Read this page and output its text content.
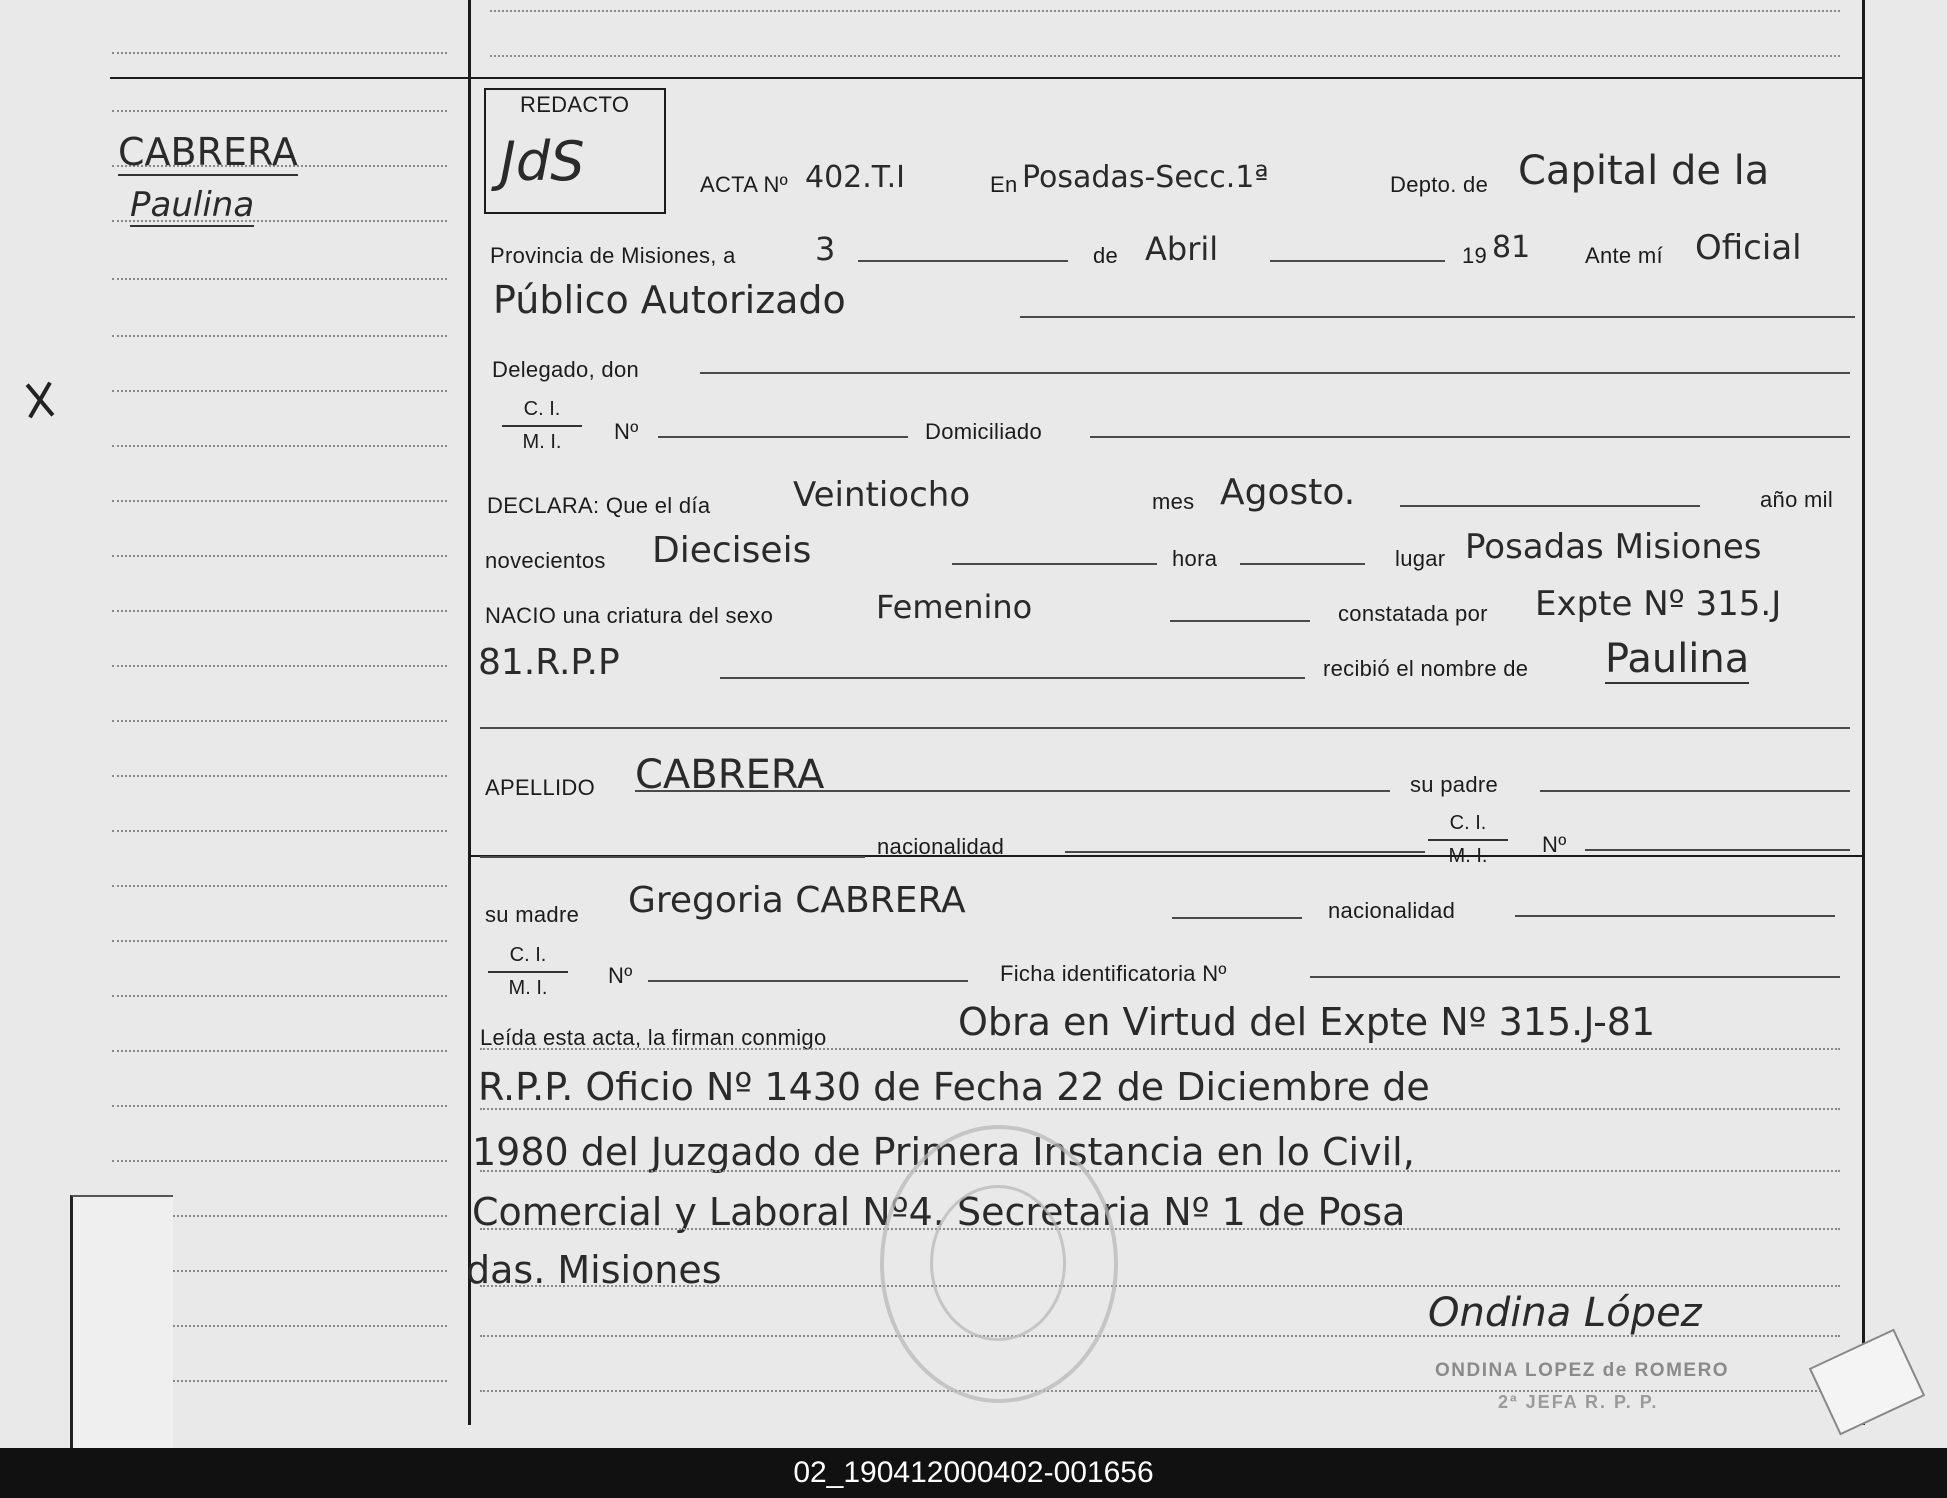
CABRERA
Paulina
REDACTO
JdS	ACTA Nº 402.T.I	En Posadas-Secc.1ª	Depto. de Capital de la
Provincia de Misiones, a 3	de Abril	19 81 Ante mí Oficial
Público Autorizado
Delegado, don
$\frac{C. I.}{M. I.}$ Nº	Domiciliado
DECLARA: Que el día Veintiocho	mes Agosto.	año mil
novecientos Dieciseis	hora	lugar Posadas Misiones
NACIO una criatura del sexo	Femenino	constatada por Expte Nº 315.J
81.R.P.P	recibió el nombre de Paulina
APELLIDO CABRERA	su padre
nacionalidad	$\frac{C. I.}{M. I.}$ Nº
su madre Gregoria CABRERA	nacionalidad
$\frac{C. I.}{M. I.}$ Nº	Ficha identificatoria Nº
Leída esta acta, la firman conmigo	Obra en Virtud del Expte Nº 315.J-81
R.P.P. Oficio Nº 1430 de Fecha 22 de Diciembre de
1980 del Juzgado de Primera Instancia en lo Civil,
Comercial y Laboral Nº4. Secretaria Nº 1 de Posa
das. Misiones
Ondina López
ONDINA LOPEZ de ROMERO
2ª JEFA R. P. P.
02_190412000402-001656
